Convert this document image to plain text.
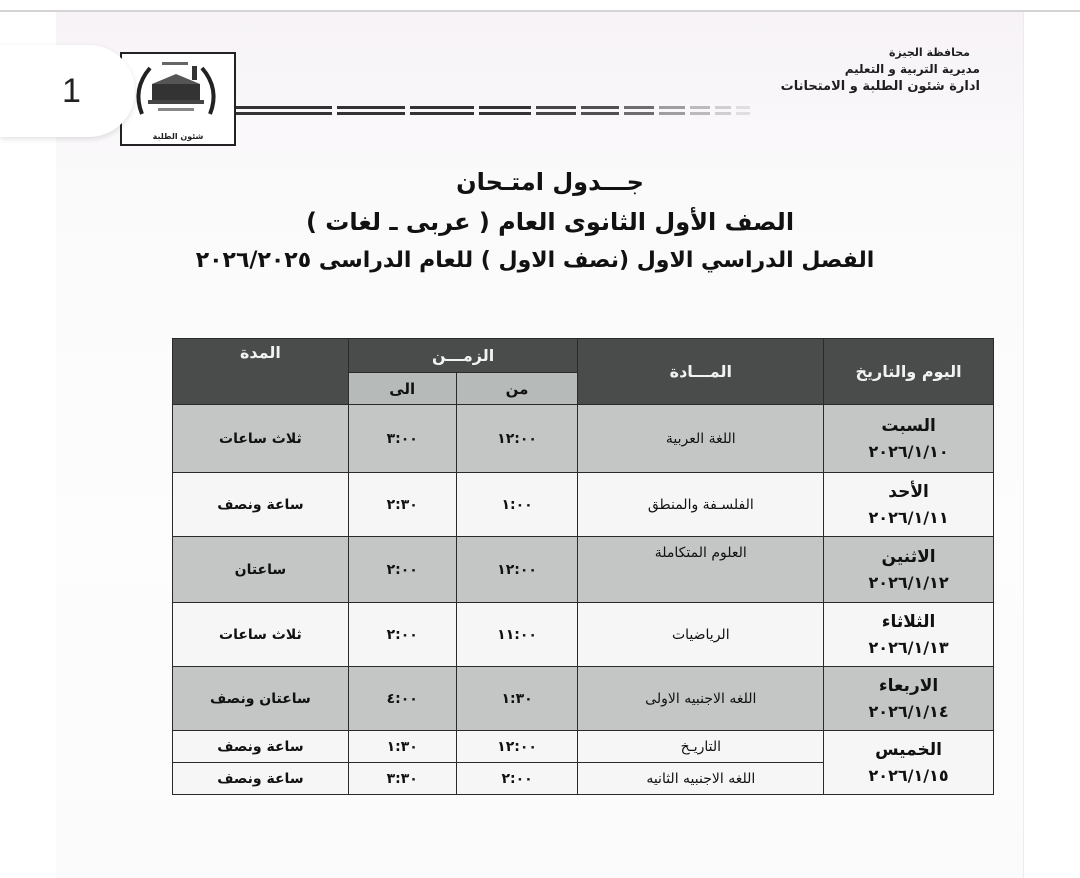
1
شئون الطلبة
محافظة الجيزة
مديرية التربية و التعليم
ادارة شئون الطلبة و الامتحانات
جـــدول امتـحان
الصف الأول الثانوى العام ( عربى ـ لغات )
الفصل الدراسي الاول (نصف الاول ) للعام الدراسى ٢٠٢٦/٢٠٢٥
اليوم والتاريخ	المـــادة	الزمـــن		المدة
		من	الى	

السبت
٢٠٢٦/١/١٠	اللغة العربية	١٢:٠٠	٣:٠٠	ثلاث ساعات

الأحد
٢٠٢٦/١/١١	الفلسـفة والمنطق	١:٠٠	٢:٣٠	ساعة ونصف

الاثنين
٢٠٢٦/١/١٢	العلوم المتكاملة	١٢:٠٠	٢:٠٠	ساعتان

الثلاثاء
٢٠٢٦/١/١٣	الرياضيات	١١:٠٠	٢:٠٠	ثلاث ساعات

الاربعاء
٢٠٢٦/١/١٤	اللغه الاجنبيه الاولى	١:٣٠	٤:٠٠	ساعتان ونصف

الخميس
٢٠٢٦/١/١٥	التاريـخ	١٢:٠٠	١:٣٠	ساعة ونصف
	اللغه الاجنبيه الثانيه	٢:٠٠	٣:٣٠	ساعة ونصف
